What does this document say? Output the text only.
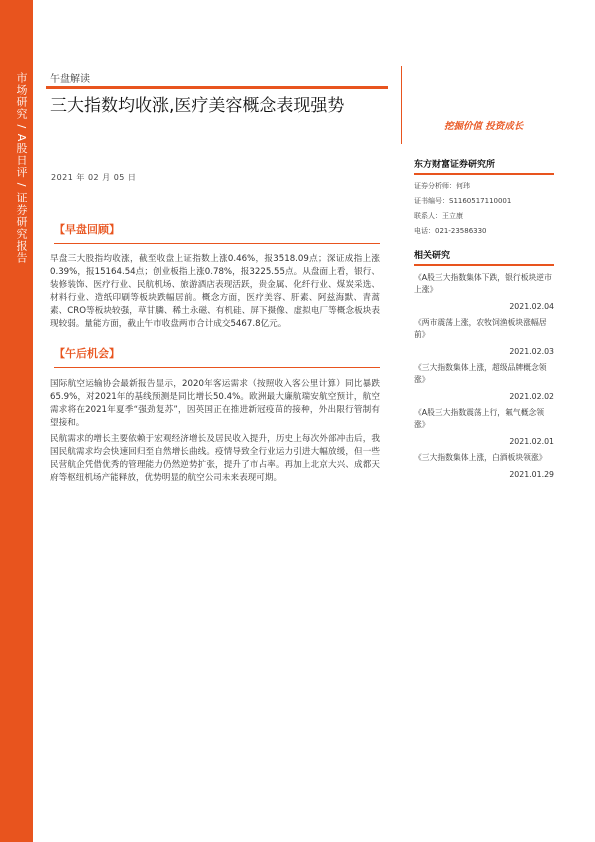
市场研究 / A股日评 / 证券研究报告 午盘解读
挖掘价值 投资成长
三大指数均收涨,医疗美容概念表现强势
2021 年 02 月 05 日
【早盘回顾】
早盘三大股指均收涨，截至收盘上证指数上涨0.46%，报3518.09点；深证成指上涨0.39%，报15164.54点；创业板指上涨0.78%，报3225.55点。从盘面上看，银行、装修装饰、医疗行业、民航机场、旅游酒店表现活跃，贵金属、化纤行业、煤炭采选、材料行业、造纸印刷等板块跌幅居前。概念方面，医疗美容、肝素、阿兹海默、青蒿素、CRO等板块较强，草甘膦、稀土永磁、有机硅、屏下摄像、虚拟电厂等概念板块表现较弱。量能方面，截止午市收盘两市合计成交5467.8亿元。
【午后机会】
国际航空运输协会最新报告显示，2020年客运需求（按照收入客公里计算）同比暴跌65.9%，对2021年的基线预测是同比增长50.4%。欧洲最大廉航瑞安航空预计，航空需求将在2021年夏季“强劲复苏”，因英国正在推进新冠疫苗的接种，外出限行管制有望接和。
民航需求的增长主要依赖于宏观经济增长及居民收入提升，历史上每次外部冲击后，我国民航需求均会快速回归至自然增长曲线。疫情导致全行业运力引进大幅放缓，但一些民营航企凭借优秀的管理能力仍然逆势扩张，提升了市占率。再加上北京大兴、成都天府等枢纽机场产能释放，优势明显的航空公司未来表现可期。
东方财富证券研究所
证券分析师：何玮
证书编号：S1160517110001
联系人：王立康
电话：021-23586330
相关研究
《A股三大指数集体下跌，银行板块逆市上涨》
2021.02.04
《两市震荡上涨，农牧饲渔板块涨幅居前》
2021.02.03
《三大指数集体上涨，超级品牌概念领涨》
2021.02.02
《A股三大指数震荡上行，氟气概念领涨》
2021.02.01
《三大指数集体上涨，白酒板块领涨》
2021.01.29
